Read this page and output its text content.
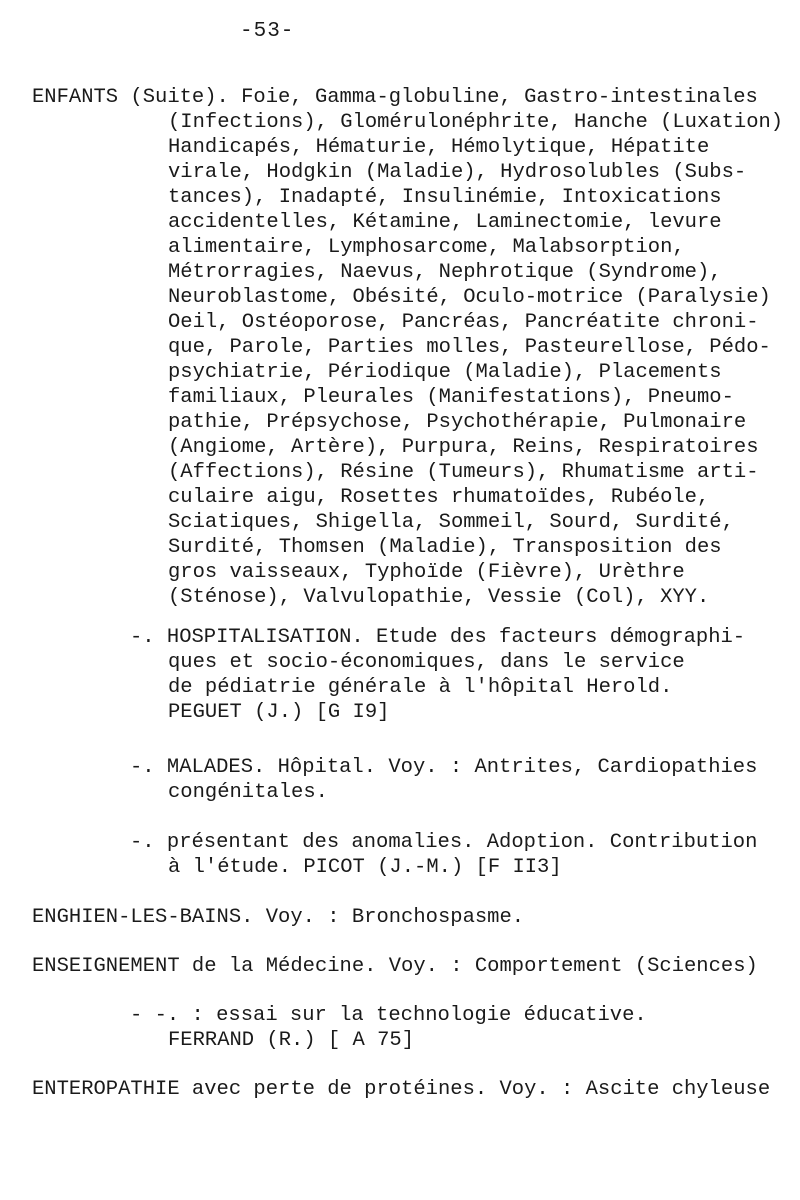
-53-

ENFANTS (Suite). Foie, Gamma-globuline, Gastro-intestinales

(Infections), Glomérulonéphrite, Hanche (Luxation)

Handicapés, Hématurie, Hémolytique, Hépatite

virale, Hodgkin (Maladie), Hydrosolubles (Subs-

tances), Inadapté, Insulinémie, Intoxications

accidentelles, Kétamine, Laminectomie, levure

alimentaire, Lymphosarcome, Malabsorption,

Métrorragies, Naevus, Nephrotique (Syndrome),

Neuroblastome, Obésité, Oculo-motrice (Paralysie)

Oeil, Ostéoporose, Pancréas, Pancréatite chroni-

que, Parole, Parties molles, Pasteurellose, Pédo-

psychiatrie, Périodique (Maladie), Placements

familiaux, Pleurales (Manifestations), Pneumo-

pathie, Prépsychose, Psychothérapie, Pulmonaire

(Angiome, Artère), Purpura, Reins, Respiratoires

(Affections), Résine (Tumeurs), Rhumatisme arti-

culaire aigu, Rosettes rhumatoïdes, Rubéole,

Sciatiques, Shigella, Sommeil, Sourd, Surdité,

Surdité, Thomsen (Maladie), Transposition des

gros vaisseaux, Typhoïde (Fièvre), Urèthre

(Sténose), Valvulopathie, Vessie (Col), XYY.

-. HOSPITALISATION. Etude des facteurs démographi-

ques et socio-économiques, dans le service

de pédiatrie générale à l'hôpital Herold.

PEGUET (J.) [G I9]

-. MALADES. Hôpital. Voy. : Antrites, Cardiopathies

congénitales.

-. présentant des anomalies. Adoption. Contribution

à l'étude. PICOT (J.-M.) [F II3]

ENGHIEN-LES-BAINS. Voy. : Bronchospasme.

ENSEIGNEMENT de la Médecine. Voy. : Comportement (Sciences)

- -. : essai sur la technologie éducative.

FERRAND (R.) [ A 75]

ENTEROPATHIE avec perte de protéines. Voy. : Ascite chyleuse
